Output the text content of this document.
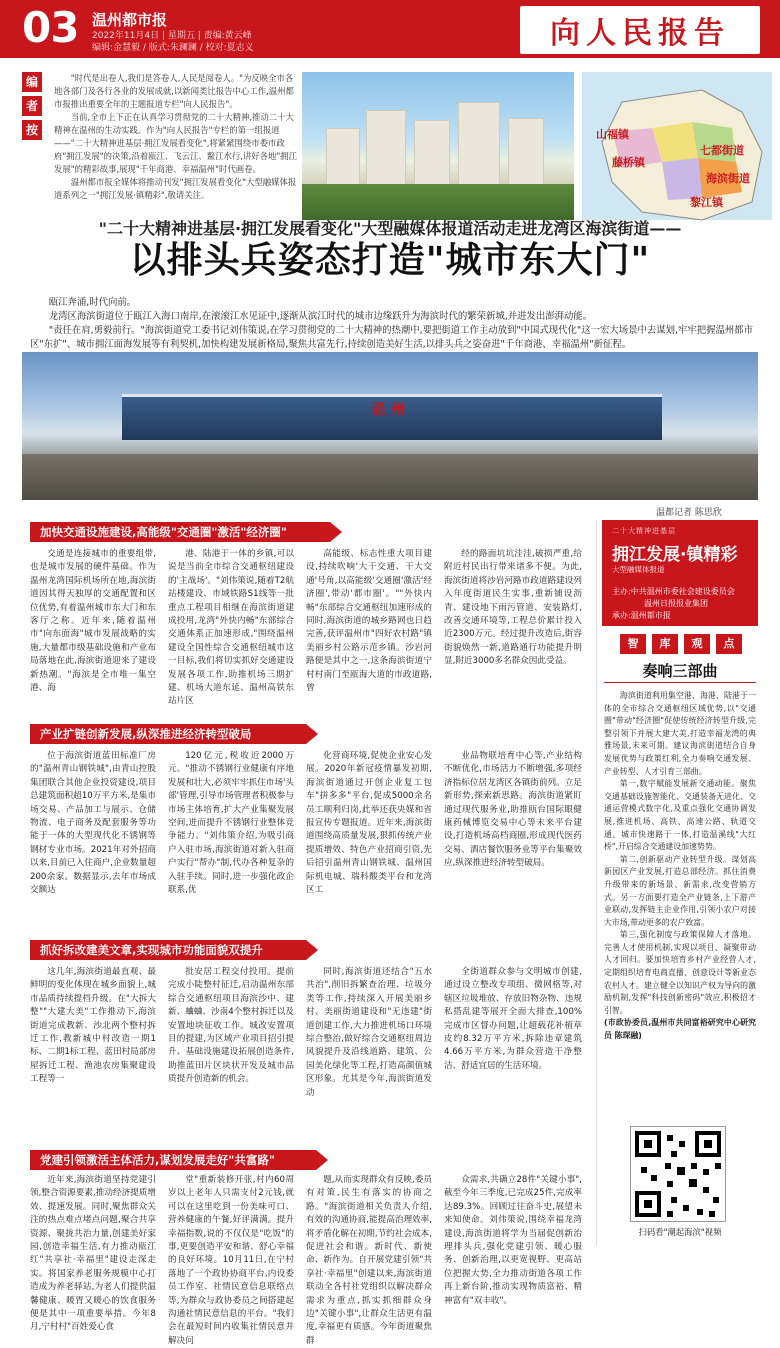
03 温州都市报
2022年11月4日 | 星期五 | 责编:黄云峰
编辑:金慧毅 / 版式:朱澜澜 / 校对:夏志义	向人民报告
编
者
按

"时代是出卷人,我们是答卷人,人民是阅卷人。"为反映全市各地各部门及各行各业的发展成就,以新闻类比报告中心工作,温州都市报推出重要全年的主题报道专栏"向人民报告"。

当前,全市上下正在认真学习贯彻党的二十大精神,推动二十大精神在温州的生动实践。作为"向人民报告"专栏的第一组报道——"二十大精神进基层·拥江发展看变化",将紧紧围绕市委市政府"拥江发展"的决策,沿着瓯江、飞云江、鳌江水行,讲好各地"拥江发展"的精彩故事,展现"千年商港、幸福温州"时代画卷。

温州都市报全媒体将推动刊发"拥江发展看变化"大型融媒体报道系列之一"拥江发展·镇精彩",敬请关注。

山福镇
藤桥镇
七都街道
海滨街道
黎江镇
"二十大精神进基层·拥江发展看变化"大型融媒体报道活动走进龙湾区海滨街道——
以排头兵姿态打造"城市东大门"

瓯江奔涌,时代向前。

龙湾区海滨街道位于瓯江入海口南岸,在滚滚江水见证中,逐渐从滨江时代的城市边缘跃升为海滨时代的繁荣新城,并进发出澎湃动能。

"责任在肩,勇毅前行。"海滨街道党工委书记刘伟策说,在学习贯彻党的二十大精神的热潮中,要把街道工作主动放到"中国式现代化"这一宏大场景中去谋划,牢牢把握温州都市区"东扩"、城市拥江面海发展等有利契机,加快构建发展新格局,聚焦共富先行,持续创造美好生活,以排头兵之姿奋进"千年商港、幸福温州"新征程。

温 州
温都记者 陈思欣
加快交通设施建设,高能级"交通圈"激活"经济圈"

交通是连接城市的重要组带,也是城市发展的硬件基础。作为温州龙湾国际机场所在地,海滨街道因其得天独厚的交通配置和区位优势,有着温州城市东大门和东客厅之称。近年来,随着温州市"向东面海"城市发展战略的实施,大量都市级基础设施和产业布局落地在此,海滨街道迎来了建设新热潮。"海滨是全市唯一集空港、海

港、陆港于一体的乡镇,可以说是当前全市综合交通枢纽建设的'主战场'。"刘伟策说,随着T2航站楼建设、市域铁路S1线等一批重点工程项目相继在海滨街道建成投用,龙湾"外快内畅"东部综合交通体系正加速形成,"围绕温州建设全国性综合交通枢纽城市这一目标,我们将切实抓好交通建设发展各项工作,助推机场三期扩建、机场大道东延、温州高铁东站片区

高能级、标志性重大项目建设,持续吹响'大干交通、干大交通'号角,以高能级'交通圈'激活'经济圈',带动'都市圈'。""外快内畅"东部综合交通枢纽加速形成的同时,海滨街道的城乡路网也日趋完善,获评温州市"四好农村路"镇美丽乡村公路示范乡镇。沙岩河路便是其中之一,这条海滨街道宁村村南门至瓯海大道的市政道路,曾

经的路面坑坑洼洼,破损严重,给附近村民出行带来诸多不便。为此,海滨街道将沙岩河路市政道路建设列入年度街道民生实事,重新铺设沥青、建设地下雨污管道、安装路灯,改善交通环境等,工程总价累计投入近2300万元。经过提升改造后,街容街貌焕然一新,道路通行功能提升明显,附近3000多名群众因此受益。

产业扩链创新发展,纵深推进经济转型破局

位于海滨街道蓝田标准厂房的"温州青山钢铁城",由青山控股集团联合其他企业投资建设,项目总建筑面积超10万平方米,是集市场交易、产品加工与展示、仓储物流、电子商务及配套服务等功能于一体的大型现代化不锈钢等钢材专业市场。2021年对外招商以来,目前已入住商户,企业数量超200余家。数据显示,去年市场成交额达

120亿元,税收近2000万元。"推动不锈钢行业健康有序地发展和壮大,必须牢牢抓住市场'头部'管理,引导市场管理者积极参与市场主体培育,扩大产业集聚发展空间,进而提升不锈钢行业整体竞争能力。"刘伟策介绍,为吸引商户入驻市场,海滨街道对新入驻商户实行"帮办"制,代办各种复杂的入驻手续。同时,进一步强化政企联系,优

化营商环境,促使企业安心发展。2020年新冠疫情暴发初期,海滨街道通过开创企业复工包车"拼多多"平台,促成5000余名员工顺利归岗,此举还获央媒和省报宣传专题报道。近年来,海滨街道围绕高质量发展,狠抓传统产业提质增效、特色产业招商引资,先后招引温州青山钢铁城、温州国际机电城、瑞科酸类平台和龙湾区工

业品物联培育中心等,产业结构不断优化,市场活力不断增强,多项经济指标位居龙湾区各镇街前列。立足新形势,探索新思路。海滨街道紧盯通过现代服务业,助推瓯台国际眼健康药械博览交易中心等未来平台建设,打造机场高档商圈,形成现代医药交易、酒店餐饮服务业等平台集聚效应,纵深推进经济转型破局。

抓好拆改建美文章,实现城市功能面貌双提升

这几年,海滨街道最直观、最鲜明的变化体现在城乡面貌上,城市品质持续提档升级。在"大拆大整""大建大美"工作推动下,海滨街道完成教新、沙北两个整村拆迁工作,教新城中村改造一期1标、二期1标工程、蓝田村局部房屋拆迁工程、渔池农房集聚建设工程等一

批安居工程交付投用。提前完成小陡整村征迁,启动温州东部综合交通枢纽项目海滨沙中、建新、蛐蛐、沙南4个整村拆迁以及安置地块征收工作。城改安置项目的提建,为区域产业项目招引提升、基础设施建设拓展创造条件,助推蓝田片区块状开发及城市品质提升创造新的机会。

同时,海滨街道还结合"五水共治",削旧拆繁查治理、垃圾分类等工作,持续深入开展美丽乡村、美丽街道建设和"无违建"街道创建工作,大力推进机场口环境综合整治,做好综合交通枢纽周边风貌提升及沿线道路、建筑、公园美化绿化等工程,打造高颜值城区形象。尤其是今年,海滨街道发动

全街道群众参与文明城市创建,通过设立整改专项组、微网格等,对辖区垃圾堆放、存放旧物杂物、违规私搭乱建等展开全面大排查,100%完成市区督办问题,让超载花补植草皮约8.32万平方米,拆除违章建筑4.66万平方米,为群众营造干净整洁、舒适宜居的生活环境。

党建引领激活主体活力,谋划发展走好"共富路"

近年来,海滨街道坚持党建引领,整合资源要素,推动经济提质增效、提速发展。同时,聚焦群众关注的热点难点堵点问题,聚合共享资源、聚拢共治力量,创建美好家园,创造幸福生活,有力推动瓯江红"共享社·幸福里"建设走深走实。将国家养老服务规模中心打造成为养老驿站,为老人们提供温馨健康、暖胃又暖心的饮食服务便是其中一项重要举措。今年8月,宁村村"百姓爱心食

堂"重新装修开张,村内60周岁以上老年人只需支付2元钱,就可以在这里吃到一份美味可口、营养健康的午餐,好评满满。提升幸福指数,说的不仅仅是"吃饭"的事,更要创造平安和谐、舒心幸福的良好环境。10月11日,在宁村落地了一个政协协商平台,内设委员工作室、社情民意信息联络点等,为群众与政协委员之间搭建起沟通社情民意信息的平台。"我们会在最短时间内收集社情民意并解决问

题,从而实现群众有反映,委员有对策,民生有落实的协商之路。"海滨街道相关负责人介绍,有效的沟通协商,能提高治理效率,将矛盾化解在初期,节约社会成本,促进社会和谐。新时代、新使命、新作为。自开展党建引领"共享社·幸福里"创建以来,海滨街道联动全各村社党组织以解决群众需求为重点,抓实抓细群众身边"关键小事",让群众生活更有温度,幸福更有质感。今年街道聚焦群

众需求,共确立28件"关键小事",截至今年三季度,已完成25件,完成率达89.3%。回顾过往奋斗史,展望未来知使命。刘伟策说,围绕幸福龙湾建设,海滨街道将学为当届促创新治理排头兵,强化党建引领、暖心服务、创新治理,以更宽视野、更高站位把握大势,全力推动街道各项工作再上新台阶,推动实现物质富裕、精神富有"双丰收"。

二十大精神进基层
拥江发展·镇精彩
大型融媒体报道
主办:中共温州市委社会建设委员会
温州日报报业集团
承办:温州都市报
智	库	观	点
奏响三部曲

海滨街道利用集空港、海港、陆港于一体的全市综合交通枢纽区域优势,以"交通圈"带动"经济圈"促使传统经济转型升级,完整引领下并展大建大美,打造幸福龙湾的典雅场景,未来可期。建议海滨街道结合自身发展优势与政策红利,全力奏响交通发展、产业转型、人才引育三部曲。

第一,数字赋能发展新交通动能。聚焦交通基础设施智能化、交通装备无进化、交通运营模式数字化,及重点强化交通协调发展,推进机场、高铁、高速公路、轨道交通、城市快速路于一体,打造温溪线"大红桥",开启综合交通建设加速势势。

第二,创新驱动产业转型升级。谋划高新园区产业发展,打造总部经济。抓住消费升级带来的新场景、新需求,改变营销方式。另一方面要打造全产业链条,上下游产业联动,发挥链主企业作用,引领小农户对接大市场,带动更多的农户致富。

第三,强化制度与政策保障人才落地。完善人才使用机制,实现以项目、凝聚带动人才回归。要加快培育乡村产业经营人才,定期组织培育电商直播、创意设计等新业态农村人才。建立健全以知识产权为导向的激励机制,发挥"科技创新密码"效应,积极招才引智。

(市政协委员,温州市共同富裕研究中心研究员 陈琛融)

扫码看"潮起海滨"视频
